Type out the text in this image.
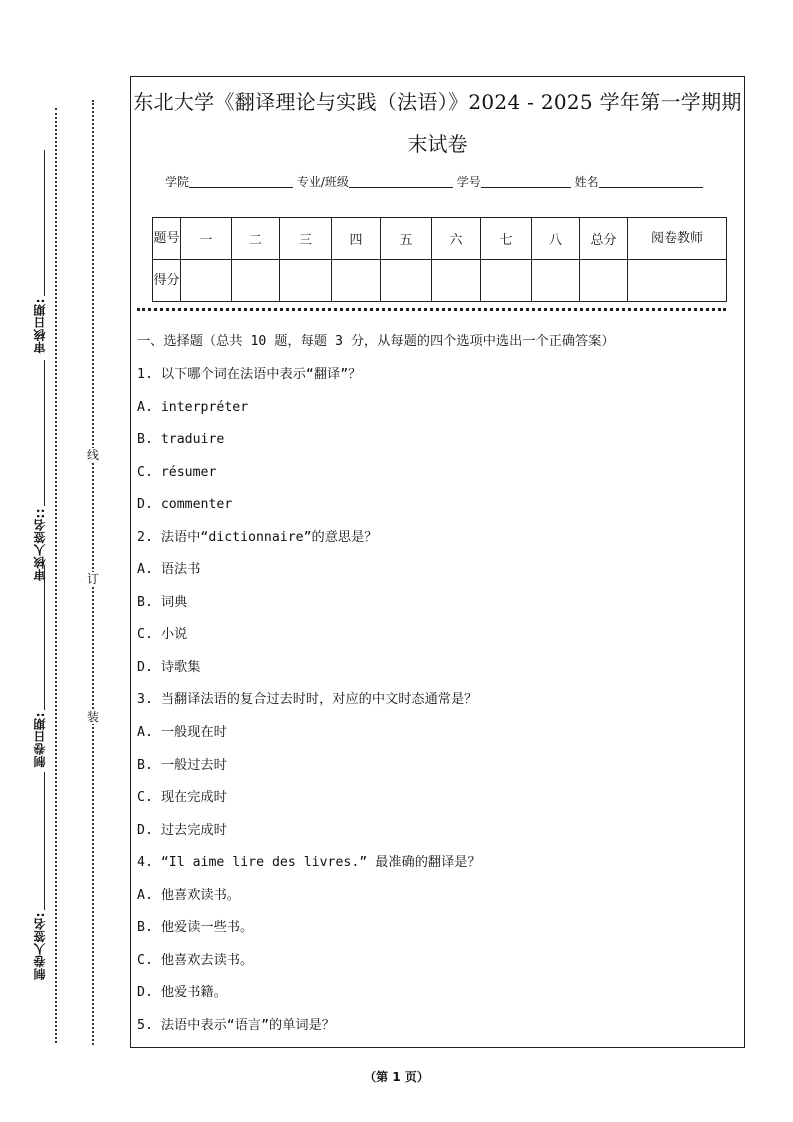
审核日期:
审核人签名::
制卷日期:
制卷人签名:
线
订
装
东北大学《翻译理论与实践（法语）》2024 - 2025 学年第一学期期
末试卷
学院	专业/班级	学号	姓名
题号	一	二	三	四	五	六	七	八	总分	阅卷教师
得分										
一、选择题（总共 10 题，每题 3 分，从每题的四个选项中选出一个正确答案）
1. 以下哪个词在法语中表示“翻译”？
A. interpréter
B. traduire
C. résumer
D. commenter
2. 法语中“dictionnaire”的意思是？
A. 语法书
B. 词典
C. 小说
D. 诗歌集
3. 当翻译法语的复合过去时时，对应的中文时态通常是？
A. 一般现在时
B. 一般过去时
C. 现在完成时
D. 过去完成时
4. “Il aime lire des livres.” 最准确的翻译是？
A. 他喜欢读书。
B. 他爱读一些书。
C. 他喜欢去读书。
D. 他爱书籍。
5. 法语中表示“语言”的单词是？
（第 1 页）
